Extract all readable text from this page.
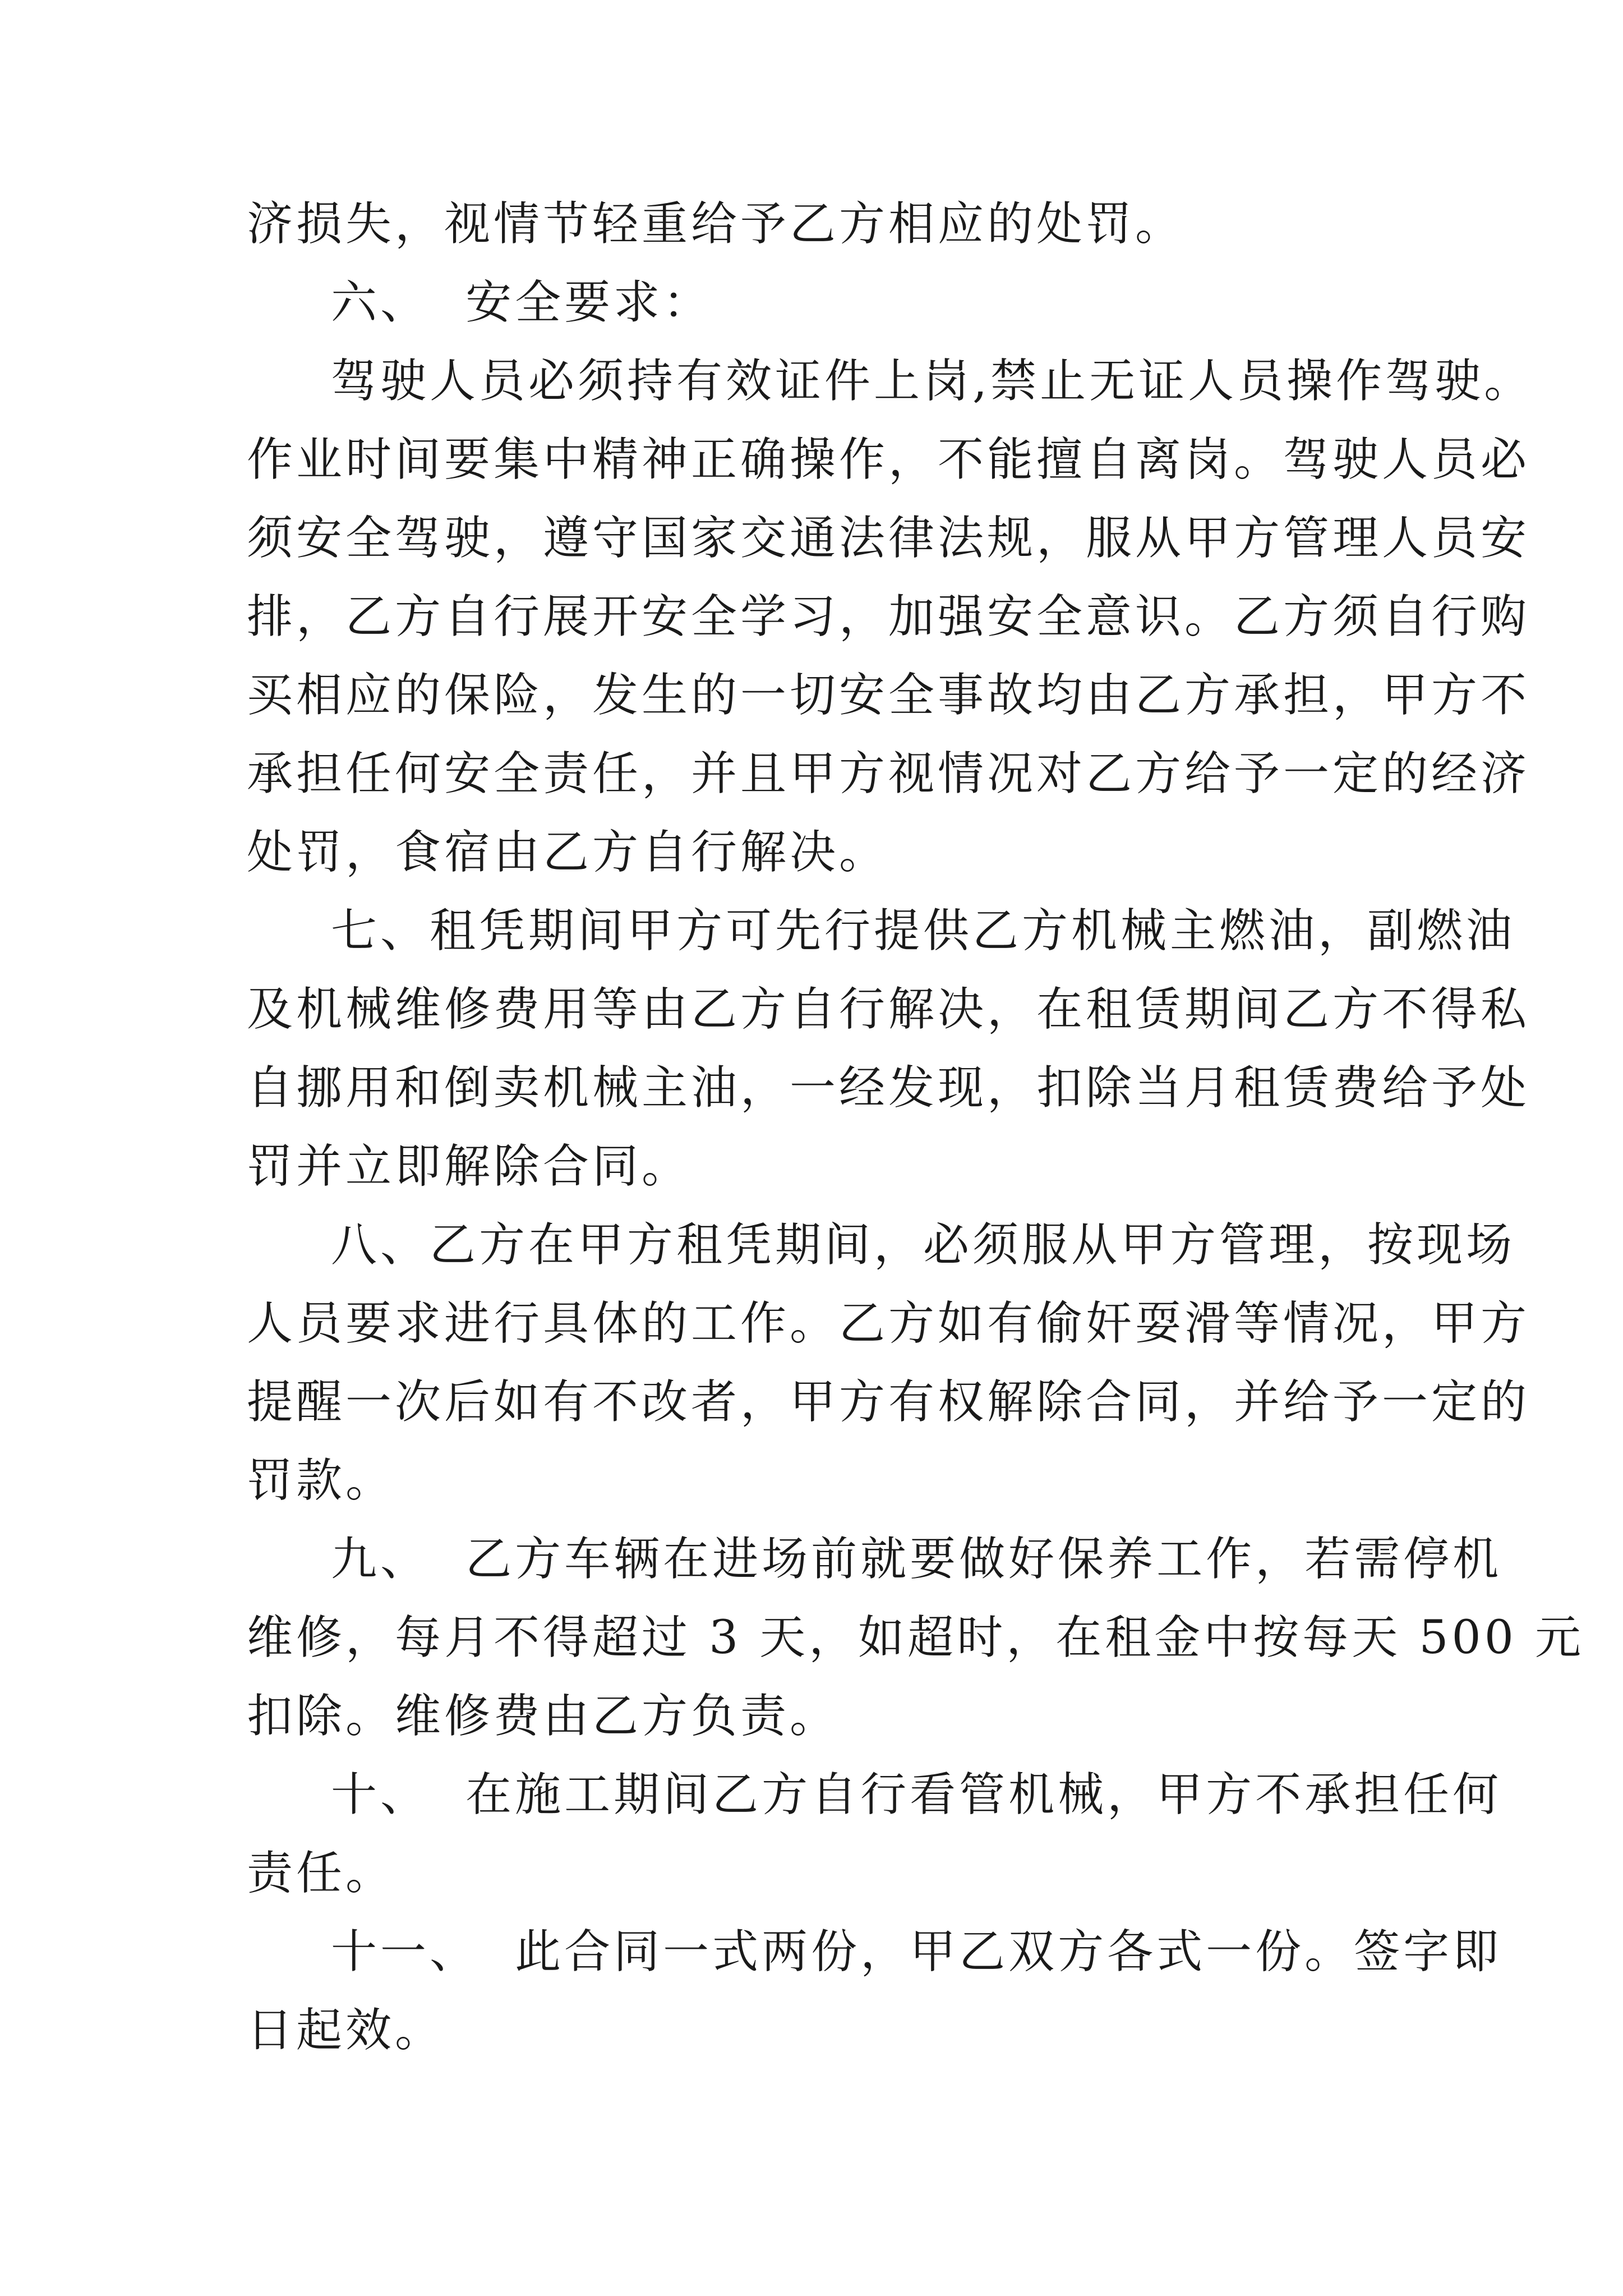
济损失，视情节轻重给予乙方相应的处罚。
六、  安全要求：
驾驶人员必须持有效证件上岗,禁止无证人员操作驾驶。
作业时间要集中精神正确操作，不能擅自离岗。驾驶人员必
须安全驾驶，遵守国家交通法律法规，服从甲方管理人员安
排，乙方自行展开安全学习，加强安全意识。乙方须自行购
买相应的保险，发生的一切安全事故均由乙方承担，甲方不
承担任何安全责任，并且甲方视情况对乙方给予一定的经济
处罚，食宿由乙方自行解决。
七、租凭期间甲方可先行提供乙方机械主燃油，副燃油
及机械维修费用等由乙方自行解决，在租赁期间乙方不得私
自挪用和倒卖机械主油，一经发现，扣除当月租赁费给予处
罚并立即解除合同。
八、乙方在甲方租凭期间，必须服从甲方管理，按现场
人员要求进行具体的工作。乙方如有偷奸耍滑等情况，甲方
提醒一次后如有不改者，甲方有权解除合同，并给予一定的
罚款。
九、  乙方车辆在进场前就要做好保养工作，若需停机
维修，每月不得超过 3 天，如超时，在租金中按每天 500 元
扣除。维修费由乙方负责。
十、  在施工期间乙方自行看管机械，甲方不承担任何
责任。
十一、  此合同一式两份，甲乙双方各式一份。签字即
日起效。
